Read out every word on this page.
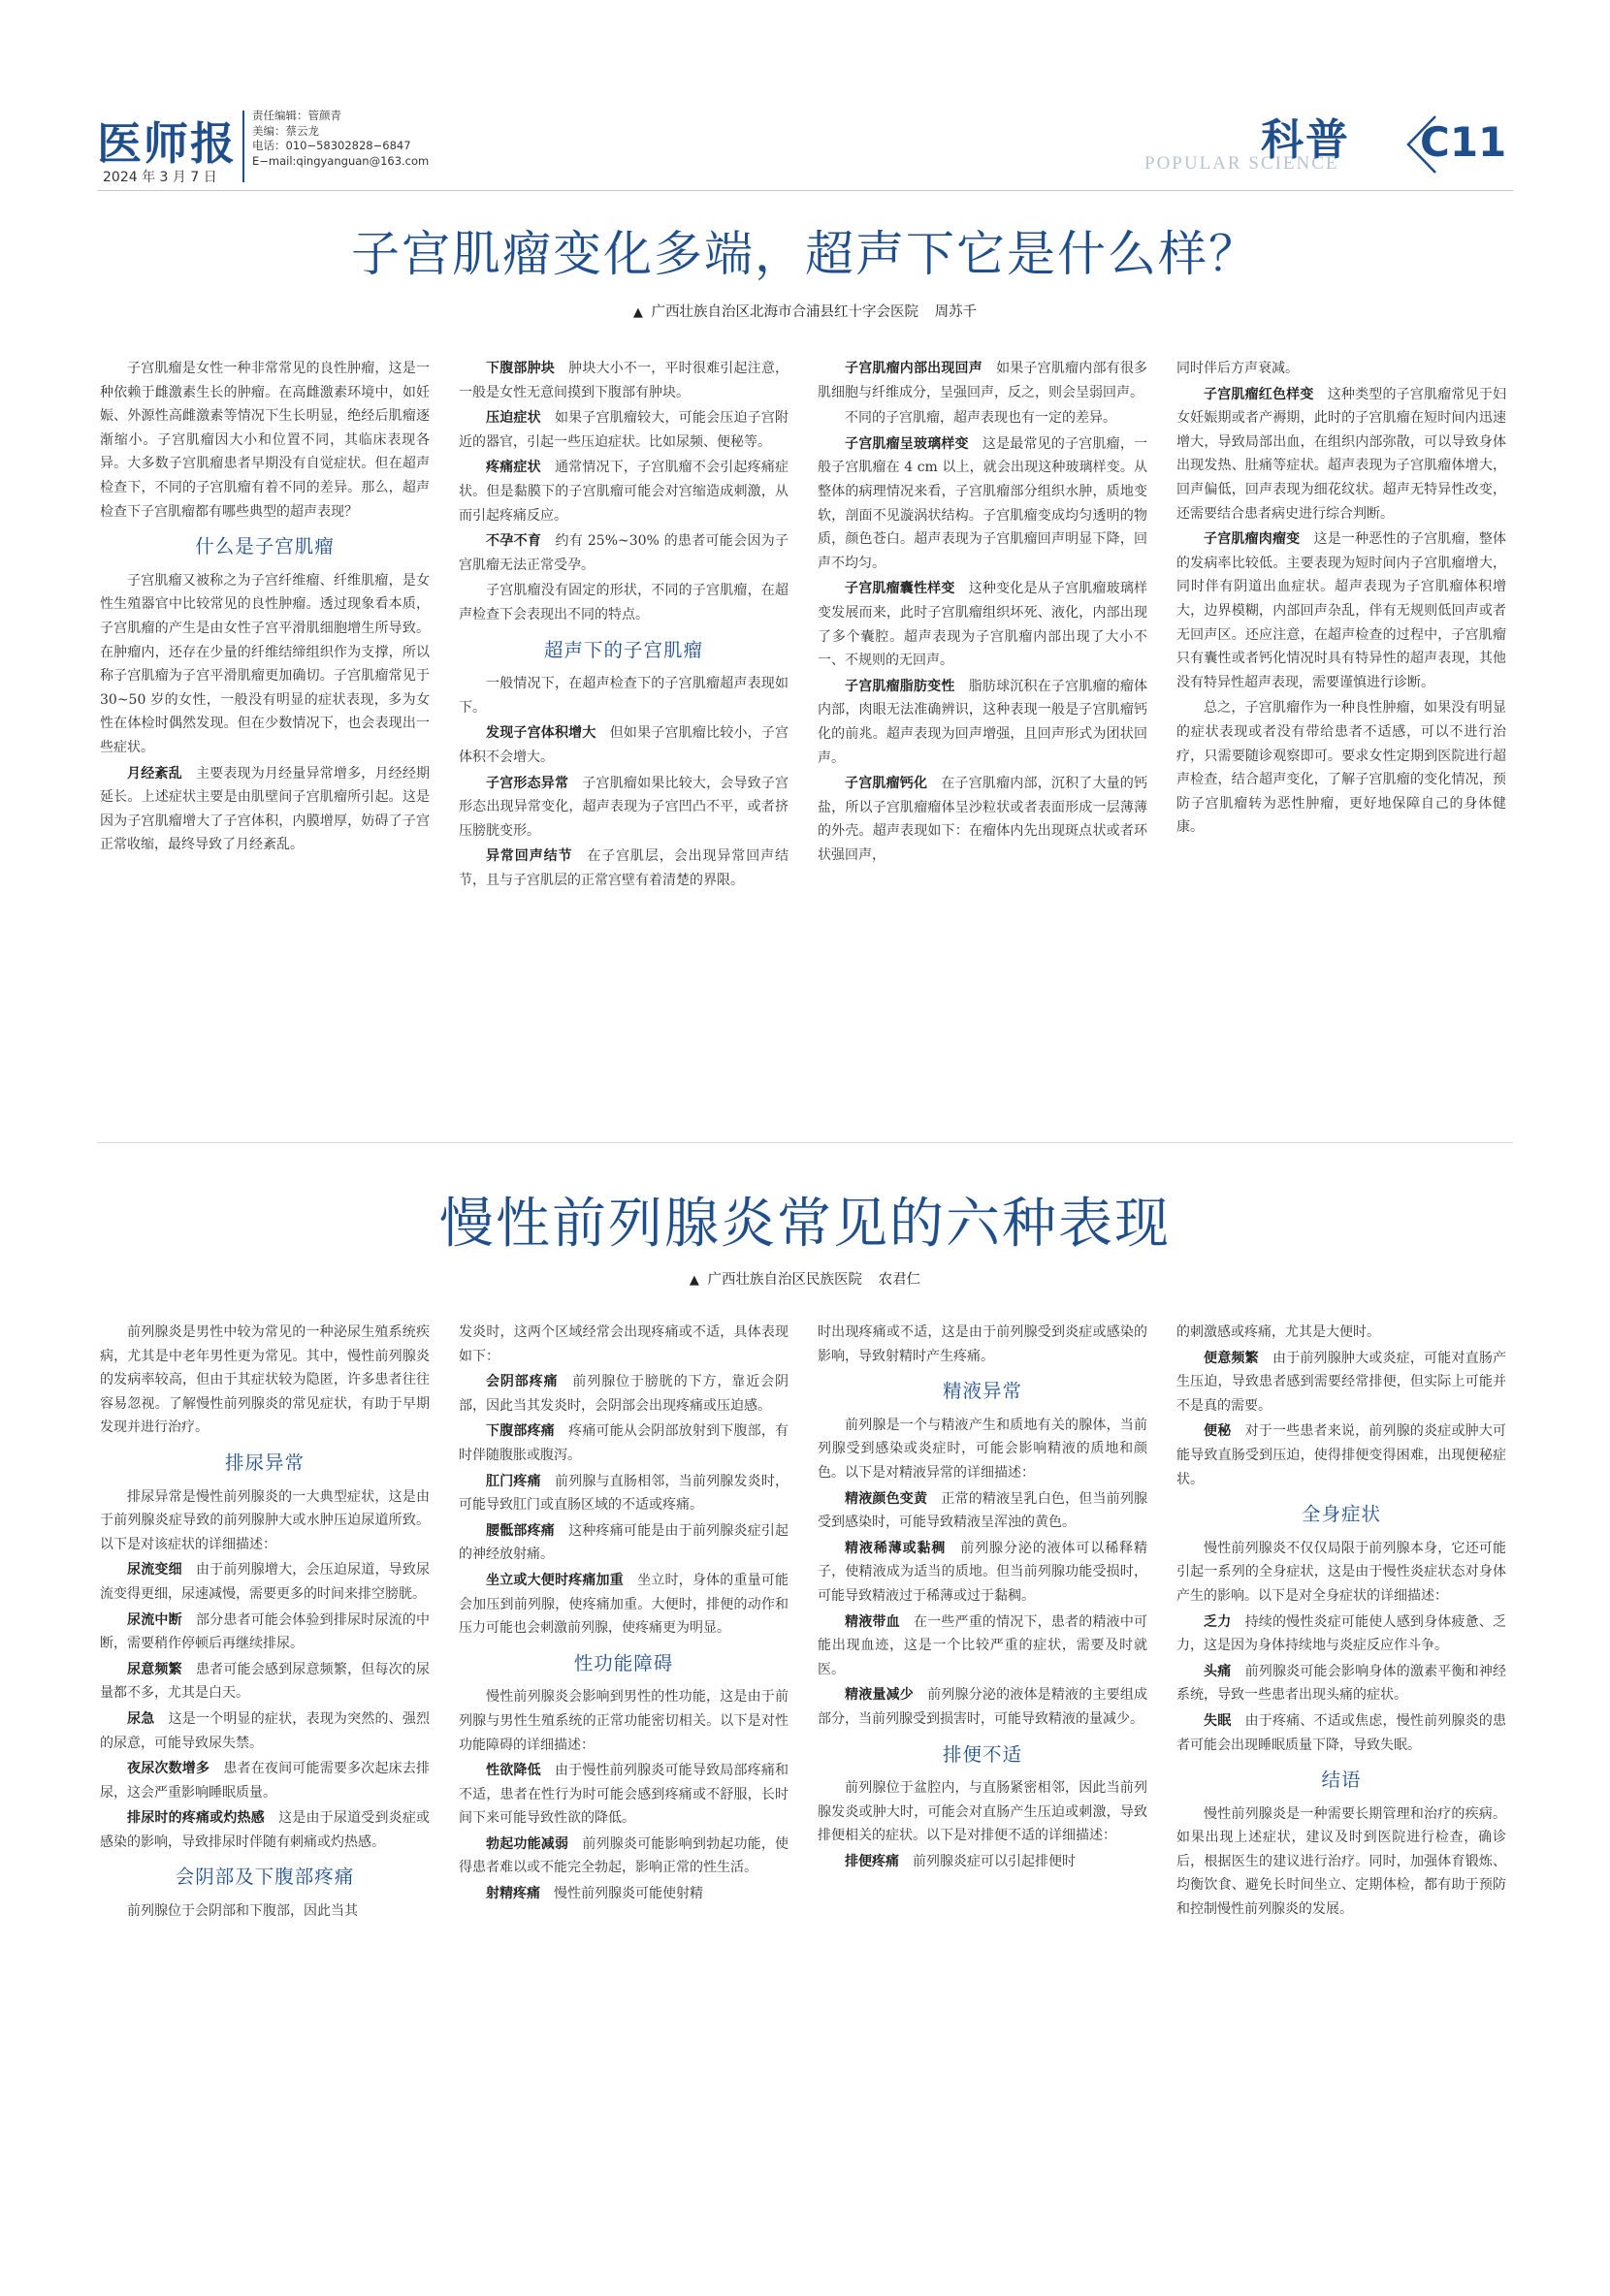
医师报
2024 年 3 月 7 日
责任编辑：管颜青
美编：蔡云龙
电话：010−58302828−6847
E−mail:qingyanguan@163.com	POPULAR SCIENCE
科普 C11
子宫肌瘤变化多端，超声下它是什么样？
▲ 广西壮族自治区北海市合浦县红十字会医院 周苏千

子宫肌瘤是女性一种非常常见的良性肿瘤，这是一种依赖于雌激素生长的肿瘤。在高雌激素环境中，如妊娠、外源性高雌激素等情况下生长明显，绝经后肌瘤逐渐缩小。子宫肌瘤因大小和位置不同，其临床表现各异。大多数子宫肌瘤患者早期没有自觉症状。但在超声检查下，不同的子宫肌瘤有着不同的差异。那么，超声检查下子宫肌瘤都有哪些典型的超声表现？

什么是子宫肌瘤

子宫肌瘤又被称之为子宫纤维瘤、纤维肌瘤，是女性生殖器官中比较常见的良性肿瘤。透过现象看本质，子宫肌瘤的产生是由女性子宫平滑肌细胞增生所导致。在肿瘤内，还存在少量的纤维结缔组织作为支撑，所以称子宫肌瘤为子宫平滑肌瘤更加确切。子宫肌瘤常见于 30~50 岁的女性，一般没有明显的症状表现，多为女性在体检时偶然发现。但在少数情况下，也会表现出一些症状。

月经紊乱　 主要表现为月经量异常增多，月经经期延长。上述症状主要是由肌壁间子宫肌瘤所引起。这是因为子宫肌瘤增大了子宫体积，内膜增厚，妨碍了子宫正常收缩，最终导致了月经紊乱。

下腹部肿块　 肿块大小不一，平时很难引起注意，一般是女性无意间摸到下腹部有肿块。

压迫症状　 如果子宫肌瘤较大，可能会压迫子宫附近的器官，引起一些压迫症状。比如尿频、便秘等。

疼痛症状　 通常情况下，子宫肌瘤不会引起疼痛症状。但是黏膜下的子宫肌瘤可能会对宫缩造成刺激，从而引起疼痛反应。

不孕不育　 约有 25%~30% 的患者可能会因为子宫肌瘤无法正常受孕。

子宫肌瘤没有固定的形状，不同的子宫肌瘤，在超声检查下会表现出不同的特点。

超声下的子宫肌瘤

一般情况下，在超声检查下的子宫肌瘤超声表现如下。

发现子宫体积增大　 但如果子宫肌瘤比较小，子宫体积不会增大。

子宫形态异常　 子宫肌瘤如果比较大，会导致子宫形态出现异常变化，超声表现为子宫凹凸不平，或者挤压膀胱变形。

异常回声结节　 在子宫肌层，会出现异常回声结节，且与子宫肌层的正常宫壁有着清楚的界限。

子宫肌瘤内部出现回声　 如果子宫肌瘤内部有很多肌细胞与纤维成分，呈强回声，反之，则会呈弱回声。

不同的子宫肌瘤，超声表现也有一定的差异。

子宫肌瘤呈玻璃样变　 这是最常见的子宫肌瘤，一般子宫肌瘤在 4 cm 以上，就会出现这种玻璃样变。从整体的病理情况来看，子宫肌瘤部分组织水肿，质地变软，剖面不见漩涡状结构。子宫肌瘤变成均匀透明的物质，颜色苍白。超声表现为子宫肌瘤回声明显下降，回声不均匀。

子宫肌瘤囊性样变　 这种变化是从子宫肌瘤玻璃样变发展而来，此时子宫肌瘤组织坏死、液化，内部出现了多个囊腔。超声表现为子宫肌瘤内部出现了大小不一、不规则的无回声。

子宫肌瘤脂肪变性　 脂肪球沉积在子宫肌瘤的瘤体内部，肉眼无法准确辨识，这种表现一般是子宫肌瘤钙化的前兆。超声表现为回声增强，且回声形式为团状回声。

子宫肌瘤钙化　 在子宫肌瘤内部，沉积了大量的钙盐，所以子宫肌瘤瘤体呈沙粒状或者表面形成一层薄薄的外壳。超声表现如下：在瘤体内先出现斑点状或者环状强回声，

同时伴后方声衰减。

子宫肌瘤红色样变　 这种类型的子宫肌瘤常见于妇女妊娠期或者产褥期，此时的子宫肌瘤在短时间内迅速增大，导致局部出血，在组织内部弥散，可以导致身体出现发热、肚痛等症状。超声表现为子宫肌瘤体增大，回声偏低，回声表现为细花纹状。超声无特异性改变，还需要结合患者病史进行综合判断。

子宫肌瘤肉瘤变　 这是一种恶性的子宫肌瘤，整体的发病率比较低。主要表现为短时间内子宫肌瘤增大，同时伴有阴道出血症状。超声表现为子宫肌瘤体积增大，边界模糊，内部回声杂乱，伴有无规则低回声或者无回声区。还应注意，在超声检查的过程中，子宫肌瘤只有囊性或者钙化情况时具有特异性的超声表现，其他没有特异性超声表现，需要谨慎进行诊断。

总之，子宫肌瘤作为一种良性肿瘤，如果没有明显的症状表现或者没有带给患者不适感，可以不进行治疗，只需要随诊观察即可。要求女性定期到医院进行超声检查，结合超声变化，了解子宫肌瘤的变化情况，预防子宫肌瘤转为恶性肿瘤，更好地保障自己的身体健康。

慢性前列腺炎常见的六种表现
▲ 广西壮族自治区民族医院 农君仁

前列腺炎是男性中较为常见的一种泌尿生殖系统疾病，尤其是中老年男性更为常见。其中，慢性前列腺炎的发病率较高，但由于其症状较为隐匿，许多患者往往容易忽视。了解慢性前列腺炎的常见症状，有助于早期发现并进行治疗。

排尿异常

排尿异常是慢性前列腺炎的一大典型症状，这是由于前列腺炎症导致的前列腺肿大或水肿压迫尿道所致。以下是对该症状的详细描述：

尿流变细　 由于前列腺增大，会压迫尿道，导致尿流变得更细，尿速减慢，需要更多的时间来排空膀胱。

尿流中断　 部分患者可能会体验到排尿时尿流的中断，需要稍作停顿后再继续排尿。

尿意频繁　 患者可能会感到尿意频繁，但每次的尿量都不多，尤其是白天。

尿急　 这是一个明显的症状，表现为突然的、强烈的尿意，可能导致尿失禁。

夜尿次数增多　 患者在夜间可能需要多次起床去排尿，这会严重影响睡眠质量。

排尿时的疼痛或灼热感　 这是由于尿道受到炎症或感染的影响，导致排尿时伴随有刺痛或灼热感。

会阴部及下腹部疼痛

前列腺位于会阴部和下腹部，因此当其

发炎时，这两个区域经常会出现疼痛或不适，具体表现如下：

会阴部疼痛　 前列腺位于膀胱的下方，靠近会阴部，因此当其发炎时，会阴部会出现疼痛或压迫感。

下腹部疼痛　 疼痛可能从会阴部放射到下腹部，有时伴随腹胀或腹泻。

肛门疼痛　 前列腺与直肠相邻，当前列腺发炎时，可能导致肛门或直肠区域的不适或疼痛。

腰骶部疼痛　 这种疼痛可能是由于前列腺炎症引起的神经放射痛。

坐立或大便时疼痛加重　 坐立时，身体的重量可能会加压到前列腺，使疼痛加重。大便时，排便的动作和压力可能也会刺激前列腺，使疼痛更为明显。

性功能障碍

慢性前列腺炎会影响到男性的性功能，这是由于前列腺与男性生殖系统的正常功能密切相关。以下是对性功能障碍的详细描述：

性欲降低　 由于慢性前列腺炎可能导致局部疼痛和不适，患者在性行为时可能会感到疼痛或不舒服，长时间下来可能导致性欲的降低。

勃起功能减弱　 前列腺炎可能影响到勃起功能，使得患者难以或不能完全勃起，影响正常的性生活。

射精疼痛　 慢性前列腺炎可能使射精

时出现疼痛或不适，这是由于前列腺受到炎症或感染的影响，导致射精时产生疼痛。

精液异常

前列腺是一个与精液产生和质地有关的腺体，当前列腺受到感染或炎症时，可能会影响精液的质地和颜色。以下是对精液异常的详细描述：

精液颜色变黄　 正常的精液呈乳白色，但当前列腺受到感染时，可能导致精液呈浑浊的黄色。

精液稀薄或黏稠　 前列腺分泌的液体可以稀释精子，使精液成为适当的质地。但当前列腺功能受损时，可能导致精液过于稀薄或过于黏稠。

精液带血　 在一些严重的情况下，患者的精液中可能出现血迹，这是一个比较严重的症状，需要及时就医。

精液量减少　 前列腺分泌的液体是精液的主要组成部分，当前列腺受到损害时，可能导致精液的量减少。

排便不适

前列腺位于盆腔内，与直肠紧密相邻，因此当前列腺发炎或肿大时，可能会对直肠产生压迫或刺激，导致排便相关的症状。以下是对排便不适的详细描述：

排便疼痛　 前列腺炎症可以引起排便时

的刺激感或疼痛，尤其是大便时。

便意频繁　 由于前列腺肿大或炎症，可能对直肠产生压迫，导致患者感到需要经常排便，但实际上可能并不是真的需要。

便秘　 对于一些患者来说，前列腺的炎症或肿大可能导致直肠受到压迫，使得排便变得困难，出现便秘症状。

全身症状

慢性前列腺炎不仅仅局限于前列腺本身，它还可能引起一系列的全身症状，这是由于慢性炎症状态对身体产生的影响。以下是对全身症状的详细描述：

乏力　 持续的慢性炎症可能使人感到身体疲惫、乏力，这是因为身体持续地与炎症反应作斗争。

头痛　 前列腺炎可能会影响身体的激素平衡和神经系统，导致一些患者出现头痛的症状。

失眠　 由于疼痛、不适或焦虑，慢性前列腺炎的患者可能会出现睡眠质量下降，导致失眠。

结语

慢性前列腺炎是一种需要长期管理和治疗的疾病。如果出现上述症状，建议及时到医院进行检查，确诊后，根据医生的建议进行治疗。同时，加强体育锻炼、均衡饮食、避免长时间坐立、定期体检，都有助于预防和控制慢性前列腺炎的发展。
